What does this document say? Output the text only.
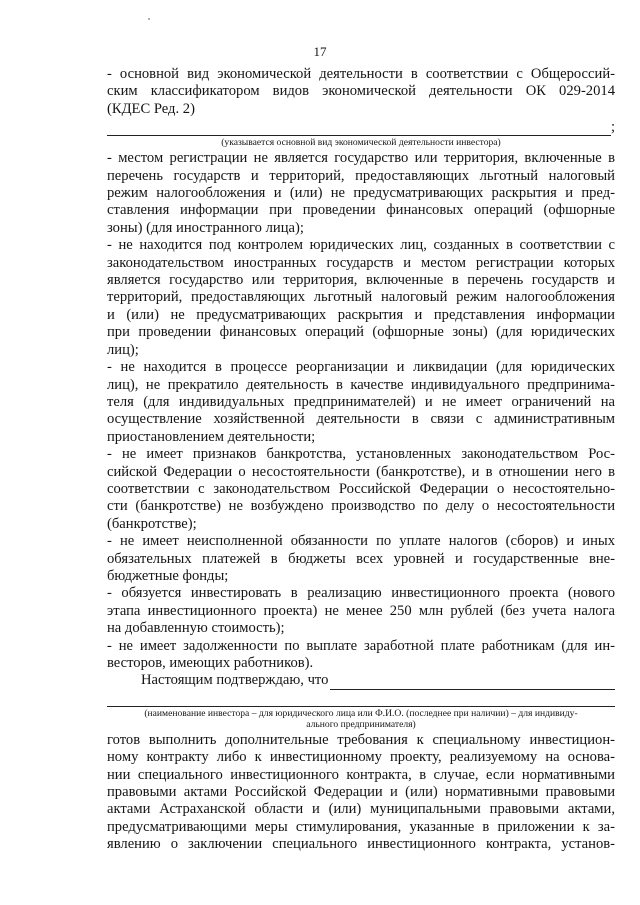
17
- основной вид экономической деятельности в соответствии с Общероссий-
ским классификатором видов экономической деятельности ОК 029-2014
(КДЕС Ред. 2)
;
(указывается основной вид экономической деятельности инвестора)
- местом регистрации не является государство или территория, включенные в
перечень государств и территорий, предоставляющих льготный налоговый
режим налогообложения и (или) не предусматривающих раскрытия и пред-
ставления информации при проведении финансовых операций (офшорные
зоны) (для иностранного лица);
- не находится под контролем юридических лиц, созданных в соответствии с
законодательством иностранных государств и местом регистрации которых
является государство или территория, включенные в перечень государств и
территорий, предоставляющих льготный налоговый режим налогообложения
и (или) не предусматривающих раскрытия и представления информации
при проведении финансовых операций (офшорные зоны) (для юридических
лиц);
- не находится в процессе реорганизации и ликвидации (для юридических
лиц), не прекратило деятельность в качестве индивидуального предпринима-
теля (для индивидуальных предпринимателей) и не имеет ограничений на
осуществление хозяйственной деятельности в связи с административным
приостановлением деятельности;
- не имеет признаков банкротства, установленных законодательством Рос-
сийской Федерации о несостоятельности (банкротстве), и в отношении него в
соответствии с законодательством Российской Федерации о несостоятельно-
сти (банкротстве) не возбуждено производство по делу о несостоятельности
(банкротстве);
- не имеет неисполненной обязанности по уплате налогов (сборов) и иных
обязательных платежей в бюджеты всех уровней и государственные вне-
бюджетные фонды;
- обязуется инвестировать в реализацию инвестиционного проекта (нового
этапа инвестиционного проекта) не менее 250 млн рублей (без учета налога
на добавленную стоимость);
- не имеет задолженности по выплате заработной плате работникам (для ин-
весторов, имеющих работников).
Настоящим подтверждаю, что
(наименование инвестора – для юридического лица или Ф.И.О. (последнее при наличии) – для индивиду-
ального предпринимателя)
готов выполнить дополнительные требования к специальному инвестицион-
ному контракту либо к инвестиционному проекту, реализуемому на основа-
нии специального инвестиционного контракта, в случае, если нормативными
правовыми актами Российской Федерации и (или) нормативными правовыми
актами Астраханской области и (или) муниципальными правовыми актами,
предусматривающими меры стимулирования, указанные в приложении к за-
явлению о заключении специального инвестиционного контракта, установ-
